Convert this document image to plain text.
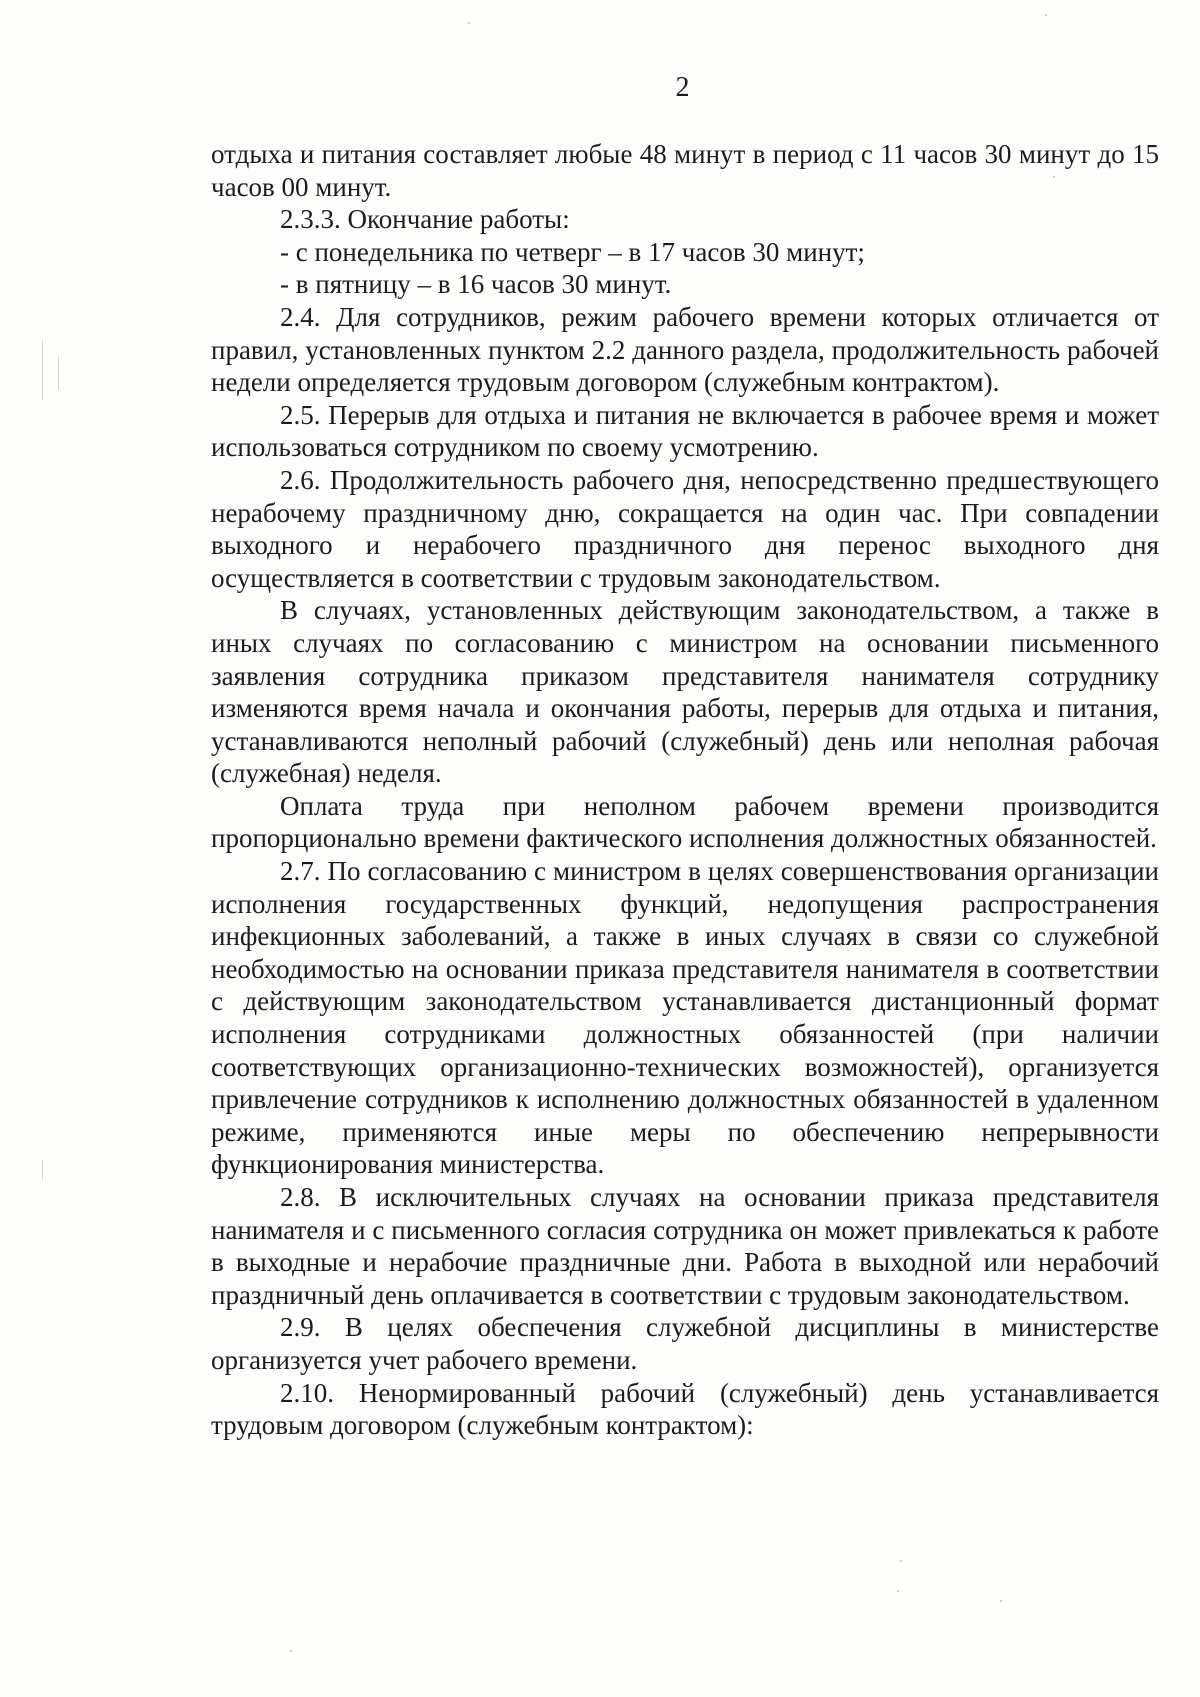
2

отдыха и питания составляет любые 48 минут в период с 11 часов 30 минут до 15 часов 00 минут.

2.3.3. Окончание работы:

- с понедельника по четверг – в 17 часов 30 минут;

- в пятницу – в 16 часов 30 минут.

2.4. Для сотрудников, режим рабочего времени которых отличается от правил, установленных пунктом 2.2 данного раздела, продолжительность рабочей недели определяется трудовым договором (служебным контрактом).

2.5. Перерыв для отдыха и питания не включается в рабочее время и может использоваться сотрудником по своему усмотрению.

2.6. Продолжительность рабочего дня, непосредственно предшествующего нерабочему праздничному дню, сокращается на один час. При совпадении выходного и нерабочего праздничного дня перенос выходного дня осуществляется в соответствии с трудовым законодательством.

В случаях, установленных действующим законодательством, а также в иных случаях по согласованию с министром на основании письменного заявления сотрудника приказом представителя нанимателя сотруднику изменяются время начала и окончания работы, перерыв для отдыха и питания, устанавливаются неполный рабочий (служебный) день или неполная рабочая (служебная) неделя.

Оплата труда при неполном рабочем времени производится пропорционально времени фактического исполнения должностных обязанностей.

2.7. По согласованию с министром в целях совершенствования организации исполнения государственных функций, недопущения распространения инфекционных заболеваний, а также в иных случаях в связи со служебной необходимостью на основании приказа представителя нанимателя в соответствии с действующим законодательством устанавливается дистанционный формат исполнения сотрудниками должностных обязанностей (при наличии соответствующих организационно-технических возможностей), организуется привлечение сотрудников к исполнению должностных обязанностей в удаленном режиме, применяются иные меры по обеспечению непрерывности функционирования министерства.

2.8. В исключительных случаях на основании приказа представителя нанимателя и с письменного согласия сотрудника он может привлекаться к работе в выходные и нерабочие праздничные дни. Работа в выходной или нерабочий праздничный день оплачивается в соответствии с трудовым законодательством.

2.9. В целях обеспечения служебной дисциплины в министерстве организуется учет рабочего времени.

2.10. Ненормированный рабочий (служебный) день устанавливается трудовым договором (служебным контрактом):
